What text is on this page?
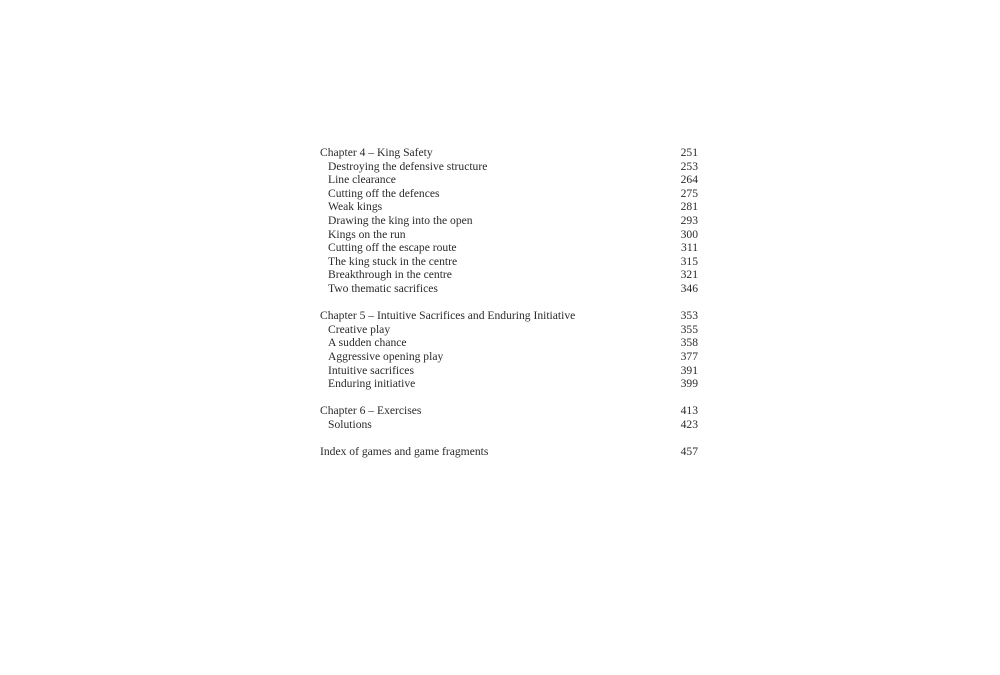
Chapter 4 – King Safety	251
Destroying the defensive structure	253
Line clearance	264
Cutting off the defences	275
Weak kings	281
Drawing the king into the open	293
Kings on the run	300
Cutting off the escape route	311
The king stuck in the centre	315
Breakthrough in the centre	321
Two thematic sacrifices	346
Chapter 5 – Intuitive Sacrifices and Enduring Initiative	353
Creative play	355
A sudden chance	358
Aggressive opening play	377
Intuitive sacrifices	391
Enduring initiative	399
Chapter 6 – Exercises	413
Solutions	423
Index of games and game fragments	457
